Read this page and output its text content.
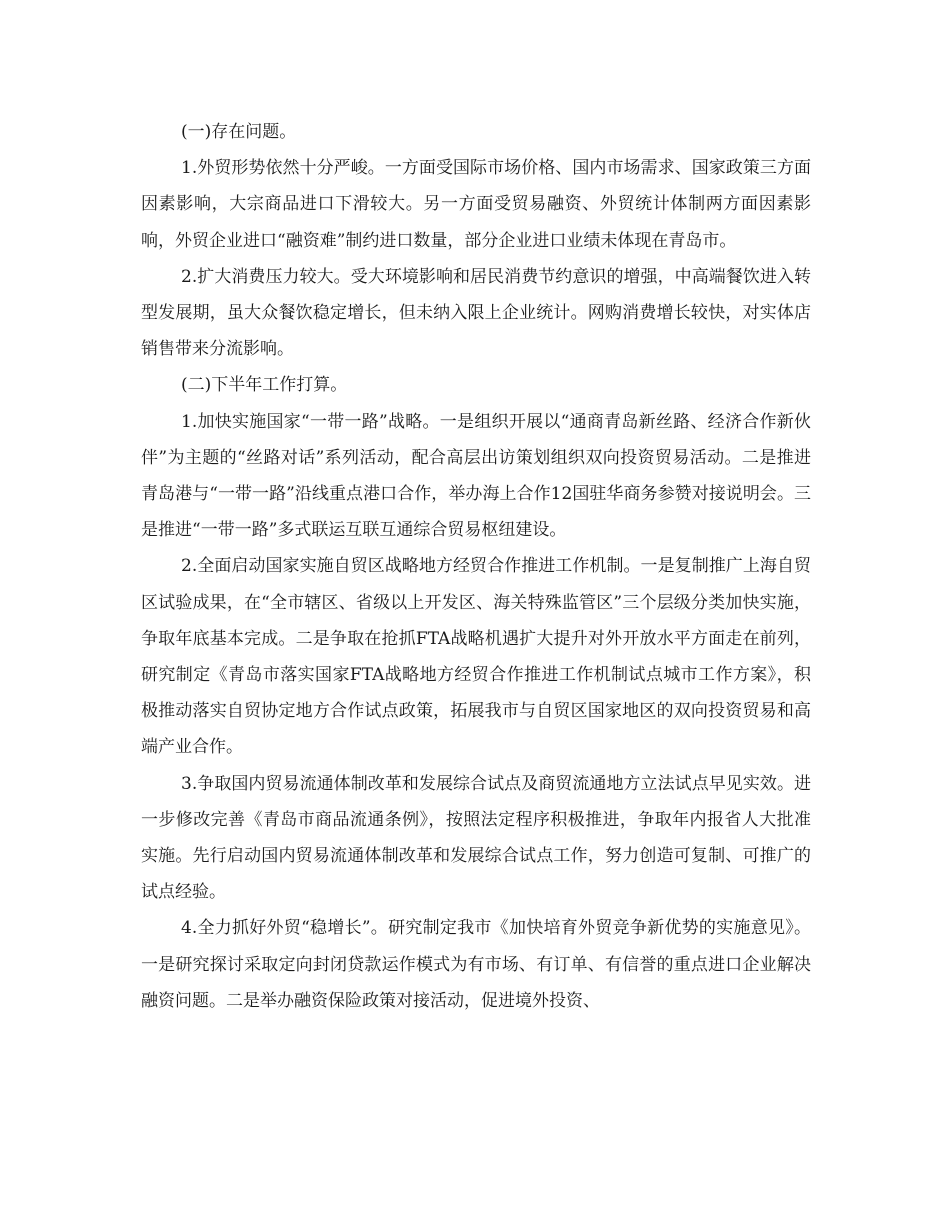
(一)存在问题。

1.外贸形势依然十分严峻。一方面受国际市场价格、国内市场需求、国家政策三方面因素影响，大宗商品进口下滑较大。另一方面受贸易融资、外贸统计体制两方面因素影响，外贸企业进口“融资难”制约进口数量，部分企业进口业绩未体现在青岛市。

2.扩大消费压力较大。受大环境影响和居民消费节约意识的增强，中高端餐饮进入转型发展期，虽大众餐饮稳定增长，但未纳入限上企业统计。网购消费增长较快，对实体店销售带来分流影响。

(二)下半年工作打算。

1.加快实施国家“一带一路”战略。一是组织开展以“通商青岛新丝路、经济合作新伙伴”为主题的“丝路对话”系列活动，配合高层出访策划组织双向投资贸易活动。二是推进青岛港与“一带一路”沿线重点港口合作，举办海上合作12国驻华商务参赞对接说明会。三是推进“一带一路”多式联运互联互通综合贸易枢纽建设。

2.全面启动国家实施自贸区战略地方经贸合作推进工作机制。一是复制推广上海自贸区试验成果，在“全市辖区、省级以上开发区、海关特殊监管区”三个层级分类加快实施，争取年底基本完成。二是争取在抢抓FTA战略机遇扩大提升对外开放水平方面走在前列，研究制定《青岛市落实国家FTA战略地方经贸合作推进工作机制试点城市工作方案》，积极推动落实自贸协定地方合作试点政策，拓展我市与自贸区国家地区的双向投资贸易和高端产业合作。

3.争取国内贸易流通体制改革和发展综合试点及商贸流通地方立法试点早见实效。进一步修改完善《青岛市商品流通条例》，按照法定程序积极推进，争取年内报省人大批准实施。先行启动国内贸易流通体制改革和发展综合试点工作，努力创造可复制、可推广的试点经验。

4.全力抓好外贸“稳增长”。研究制定我市《加快培育外贸竞争新优势的实施意见》。一是研究探讨采取定向封闭贷款运作模式为有市场、有订单、有信誉的重点进口企业解决融资问题。二是举办融资保险政策对接活动，促进境外投资、
